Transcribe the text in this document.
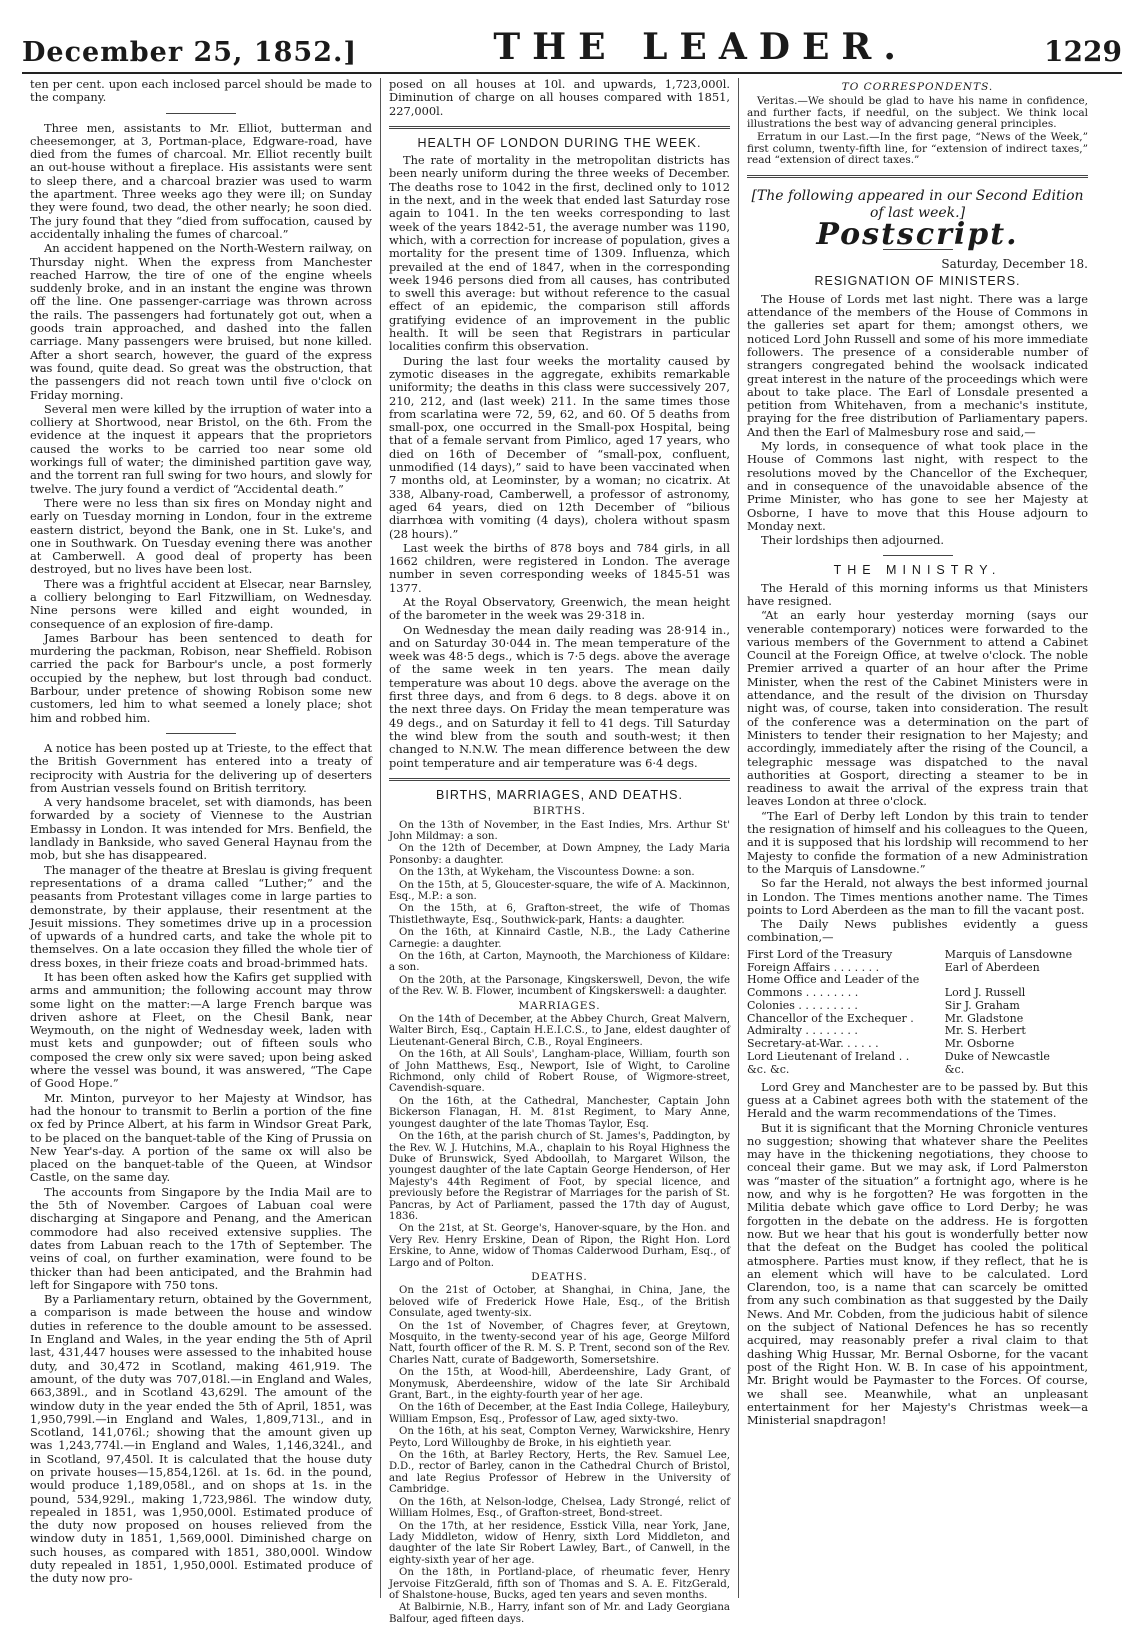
December 25, 1852.]	THE LEADER.	1229

ten per cent. upon each inclosed parcel should be made to the company.

Three men, assistants to Mr. Elliot, butterman and cheesemonger, at 3, Portman-place, Edgware-road, have died from the fumes of charcoal. Mr. Elliot recently built an out-house without a fireplace. His assistants were sent to sleep there, and a charcoal brazier was used to warm the apartment. Three weeks ago they were ill; on Sunday they were found, two dead, the other nearly; he soon died. The jury found that they “died from suffocation, caused by accidentally inhaling the fumes of charcoal.”

An accident happened on the North-Western railway, on Thursday night. When the express from Manchester reached Harrow, the tire of one of the engine wheels suddenly broke, and in an instant the engine was thrown off the line. One passenger-carriage was thrown across the rails. The passengers had fortunately got out, when a goods train approached, and dashed into the fallen carriage. Many passengers were bruised, but none killed. After a short search, however, the guard of the express was found, quite dead. So great was the obstruction, that the passengers did not reach town until five o'clock on Friday morning.

Several men were killed by the irruption of water into a colliery at Shortwood, near Bristol, on the 6th. From the evidence at the inquest it appears that the proprietors caused the works to be carried too near some old workings full of water; the diminished partition gave way, and the torrent ran full swing for two hours, and slowly for twelve. The jury found a verdict of “Accidental death.”

There were no less than six fires on Monday night and early on Tuesday morning in London, four in the extreme eastern district, beyond the Bank, one in St. Luke's, and one in Southwark. On Tuesday evening there was another at Camberwell. A good deal of property has been destroyed, but no lives have been lost.

There was a frightful accident at Elsecar, near Barnsley, a colliery belonging to Earl Fitzwilliam, on Wednesday. Nine persons were killed and eight wounded, in consequence of an explosion of fire-damp.

James Barbour has been sentenced to death for murdering the packman, Robison, near Sheffield. Robison carried the pack for Barbour's uncle, a post formerly occupied by the nephew, but lost through bad conduct. Barbour, under pretence of showing Robison some new customers, led him to what seemed a lonely place; shot him and robbed him.

A notice has been posted up at Trieste, to the effect that the British Government has entered into a treaty of reciprocity with Austria for the delivering up of deserters from Austrian vessels found on British territory.

A very handsome bracelet, set with diamonds, has been forwarded by a society of Viennese to the Austrian Embassy in London. It was intended for Mrs. Benfield, the landlady in Bankside, who saved General Haynau from the mob, but she has disappeared.

The manager of the theatre at Breslau is giving frequent representations of a drama called “Luther;” and the peasants from Protestant villages come in large parties to demonstrate, by their applause, their resentment at the Jesuit missions. They sometimes drive up in a procession of upwards of a hundred carts, and take the whole pit to themselves. On a late occasion they filled the whole tier of dress boxes, in their frieze coats and broad-brimmed hats.

It has been often asked how the Kafirs get supplied with arms and ammunition; the following account may throw some light on the matter:—A large French barque was driven ashore at Fleet, on the Chesil Bank, near Weymouth, on the night of Wednesday week, laden with must kets and gunpowder; out of fifteen souls who composed the crew only six were saved; upon being asked where the vessel was bound, it was answered, “The Cape of Good Hope.”

Mr. Minton, purveyor to her Majesty at Windsor, has had the honour to transmit to Berlin a portion of the fine ox fed by Prince Albert, at his farm in Windsor Great Park, to be placed on the banquet-table of the King of Prussia on New Year's-day. A portion of the same ox will also be placed on the banquet-table of the Queen, at Windsor Castle, on the same day.

The accounts from Singapore by the India Mail are to the 5th of November. Cargoes of Labuan coal were discharging at Singapore and Penang, and the American commodore had also received extensive supplies. The dates from Labuan reach to the 17th of September. The veins of coal, on further examination, were found to be thicker than had been anticipated, and the Brahmin had left for Singapore with 750 tons.

By a Parliamentary return, obtained by the Government, a comparison is made between the house and window duties in reference to the double amount to be assessed. In England and Wales, in the year ending the 5th of April last, 431,447 houses were assessed to the inhabited house duty, and 30,472 in Scotland, making 461,919. The amount, of the duty was 707,018l.—in England and Wales, 663,389l., and in Scotland 43,629l. The amount of the window duty in the year ended the 5th of April, 1851, was 1,950,799l.—in England and Wales, 1,809,713l., and in Scotland, 141,076l.; showing that the amount given up was 1,243,774l.—in England and Wales, 1,146,324l., and in Scotland, 97,450l. It is calculated that the house duty on private houses—15,854,126l. at 1s. 6d. in the pound, would produce 1,189,058l., and on shops at 1s. in the pound, 534,929l., making 1,723,986l. The window duty, repealed in 1851, was 1,950,000l. Estimated produce of the duty now proposed on houses relieved from the window duty in 1851, 1,569,000l. Diminished charge on such houses, as compared with 1851, 380,000l. Window duty repealed in 1851, 1,950,000l. Estimated produce of the duty now pro-

posed on all houses at 10l. and upwards, 1,723,000l. Diminution of charge on all houses compared with 1851, 227,000l.

HEALTH OF LONDON DURING THE WEEK.

The rate of mortality in the metropolitan districts has been nearly uniform during the three weeks of December. The deaths rose to 1042 in the first, declined only to 1012 in the next, and in the week that ended last Saturday rose again to 1041. In the ten weeks corresponding to last week of the years 1842-51, the average number was 1190, which, with a correction for increase of population, gives a mortality for the present time of 1309. Influenza, which prevailed at the end of 1847, when in the corresponding week 1946 persons died from all causes, has contributed to swell this average: but without reference to the casual effect of an epidemic, the comparison still affords gratifying evidence of an improvement in the public health. It will be seen that Registrars in particular localities confirm this observation.

During the last four weeks the mortality caused by zymotic diseases in the aggregate, exhibits remarkable uniformity; the deaths in this class were successively 207, 210, 212, and (last week) 211. In the same times those from scarlatina were 72, 59, 62, and 60. Of 5 deaths from small-pox, one occurred in the Small-pox Hospital, being that of a female servant from Pimlico, aged 17 years, who died on 16th of December of “small-pox, confluent, unmodified (14 days),” said to have been vaccinated when 7 months old, at Leominster, by a woman; no cicatrix. At 338, Albany-road, Camberwell, a professor of astronomy, aged 64 years, died on 12th December of “bilious diarrhœa with vomiting (4 days), cholera without spasm (28 hours).”

Last week the births of 878 boys and 784 girls, in all 1662 children, were registered in London. The average number in seven corresponding weeks of 1845-51 was 1377.

At the Royal Observatory, Greenwich, the mean height of the barometer in the week was 29·318 in.

On Wednesday the mean daily reading was 28·914 in., and on Saturday 30·044 in. The mean temperature of the week was 48·5 degs., which is 7·5 degs. above the average of the same week in ten years. The mean daily temperature was about 10 degs. above the average on the first three days, and from 6 degs. to 8 degs. above it on the next three days. On Friday the mean temperature was 49 degs., and on Saturday it fell to 41 degs. Till Saturday the wind blew from the south and south-west; it then changed to N.N.W. The mean difference between the dew point temperature and air temperature was 6·4 degs.

BIRTHS, MARRIAGES, AND DEATHS.
BIRTHS.

On the 13th of November, in the East Indies, Mrs. Arthur St' John Mildmay: a son.

On the 12th of December, at Down Ampney, the Lady Maria Ponsonby: a daughter.

On the 13th, at Wykeham, the Viscountess Downe: a son.

On the 15th, at 5, Gloucester-square, the wife of A. Mackinnon, Esq., M.P.: a son.

On the 15th, at 6, Grafton-street, the wife of Thomas Thistlethwayte, Esq., Southwick-park, Hants: a daughter.

On the 16th, at Kinnaird Castle, N.B., the Lady Catherine Carnegie: a daughter.

On the 16th, at Carton, Maynooth, the Marchioness of Kildare: a son.

On the 20th, at the Parsonage, Kingskerswell, Devon, the wife of the Rev. W. B. Flower, incumbent of Kingskerswell: a daughter.

MARRIAGES.

On the 14th of December, at the Abbey Church, Great Malvern, Walter Birch, Esq., Captain H.E.I.C.S., to Jane, eldest daughter of Lieutenant-General Birch, C.B., Royal Engineers.

On the 16th, at All Souls', Langham-place, William, fourth son of John Matthews, Esq., Newport, Isle of Wight, to Caroline Richmond, only child of Robert Rouse, of Wigmore-street, Cavendish-square.

On the 16th, at the Cathedral, Manchester, Captain John Bickerson Flanagan, H. M. 81st Regiment, to Mary Anne, youngest daughter of the late Thomas Taylor, Esq.

On the 16th, at the parish church of St. James's, Paddington, by the Rev. W. J. Hutchins, M.A., chaplain to his Royal Highness the Duke of Brunswick, Syed Abdoollah, to Margaret Wilson, the youngest daughter of the late Captain George Henderson, of Her Majesty's 44th Regiment of Foot, by special licence, and previously before the Registrar of Marriages for the parish of St. Pancras, by Act of Parliament, passed the 17th day of August, 1836.

On the 21st, at St. George's, Hanover-square, by the Hon. and Very Rev. Henry Erskine, Dean of Ripon, the Right Hon. Lord Erskine, to Anne, widow of Thomas Calderwood Durham, Esq., of Largo and of Polton.

DEATHS.

On the 21st of October, at Shanghai, in China, Jane, the beloved wife of Frederick Howe Hale, Esq., of the British Consulate, aged twenty-six.

On the 1st of November, of Chagres fever, at Greytown, Mosquito, in the twenty-second year of his age, George Milford Natt, fourth officer of the R. M. S. P. Trent, second son of the Rev. Charles Natt, curate of Badgeworth, Somersetshire.

On the 15th, at Wood-hill, Aberdeenshire, Lady Grant, of Monymusk, Aberdeenshire, widow of the late Sir Archibald Grant, Bart., in the eighty-fourth year of her age.

On the 16th of December, at the East India College, Haileybury, William Empson, Esq., Professor of Law, aged sixty-two.

On the 16th, at his seat, Compton Verney, Warwickshire, Henry Peyto, Lord Willoughby de Broke, in his eightieth year.

On the 16th, at Barley Rectory, Herts, the Rev. Samuel Lee, D.D., rector of Barley, canon in the Cathedral Church of Bristol, and late Regius Professor of Hebrew in the University of Cambridge.

On the 16th, at Nelson-lodge, Chelsea, Lady Strongé, relict of William Holmes, Esq., of Grafton-street, Bond-street.

On the 17th, at her residence, Esstick Villa, near York, Jane, Lady Middleton, widow of Henry, sixth Lord Middleton, and daughter of the late Sir Robert Lawley, Bart., of Canwell, in the eighty-sixth year of her age.

On the 18th, in Portland-place, of rheumatic fever, Henry Jervoise FitzGerald, fifth son of Thomas and S. A. E. FitzGerald, of Shalstone-house, Bucks, aged ten years and seven months.

At Balbirnie, N.B., Harry, infant son of Mr. and Lady Georgiana Balfour, aged fifteen days.

TO CORRESPONDENTS.

Veritas.—We should be glad to have his name in confidence, and further facts, if needful, on the subject. We think local illustrations the best way of advancing general principles.

Erratum in our Last.—In the first page, “News of the Week,” first column, twenty-fifth line, for “extension of indirect taxes,” read “extension of direct taxes.”

[The following appeared in our Second Edition of last week.]
Postscript.
Saturday, December 18.
RESIGNATION OF MINISTERS.

The House of Lords met last night. There was a large attendance of the members of the House of Commons in the galleries set apart for them; amongst others, we noticed Lord John Russell and some of his more immediate followers. The presence of a considerable number of strangers congregated behind the woolsack indicated great interest in the nature of the proceedings which were about to take place. The Earl of Lonsdale presented a petition from Whitehaven, from a mechanic's institute, praying for the free distribution of Parliamentary papers. And then the Earl of Malmesbury rose and said,—

My lords, in consequence of what took place in the House of Commons last night, with respect to the resolutions moved by the Chancellor of the Exchequer, and in consequence of the unavoidable absence of the Prime Minister, who has gone to see her Majesty at Osborne, I have to move that this House adjourn to Monday next.

Their lordships then adjourned.

THE MINISTRY.

The Herald of this morning informs us that Ministers have resigned.

“At an early hour yesterday morning (says our venerable contemporary) notices were forwarded to the various members of the Government to attend a Cabinet Council at the Foreign Office, at twelve o'clock. The noble Premier arrived a quarter of an hour after the Prime Minister, when the rest of the Cabinet Ministers were in attendance, and the result of the division on Thursday night was, of course, taken into consideration. The result of the conference was a determination on the part of Ministers to tender their resignation to her Majesty; and accordingly, immediately after the rising of the Council, a telegraphic message was dispatched to the naval authorities at Gosport, directing a steamer to be in readiness to await the arrival of the express train that leaves London at three o'clock.

“The Earl of Derby left London by this train to tender the resignation of himself and his colleagues to the Queen, and it is supposed that his lordship will recommend to her Majesty to confide the formation of a new Administration to the Marquis of Lansdowne.”

So far the Herald, not always the best informed journal in London. The Times mentions another name. The Times points to Lord Aberdeen as the man to fill the vacant post.

The Daily News publishes evidently a guess combination,—

First Lord of the Treasury	Marquis of Lansdowne
Foreign Affairs . . . . . . .	Earl of Aberdeen
Home Office and Leader of the	
Commons . . . . . . . .	Lord J. Russell
Colonies . . . . . . . . .	Sir J. Graham
Chancellor of the Exchequer .	Mr. Gladstone
Admiralty . . . . . . . .	Mr. S. Herbert
Secretary-at-War. . . . . .	Mr. Osborne
Lord Lieutenant of Ireland . .	Duke of Newcastle
&c. &c.	&c.

Lord Grey and Manchester are to be passed by. But this guess at a Cabinet agrees both with the statement of the Herald and the warm recommendations of the Times.

But it is significant that the Morning Chronicle ventures no suggestion; showing that whatever share the Peelites may have in the thickening negotiations, they choose to conceal their game. But we may ask, if Lord Palmerston was “master of the situation” a fortnight ago, where is he now, and why is he forgotten? He was forgotten in the Militia debate which gave office to Lord Derby; he was forgotten in the debate on the address. He is forgotten now. But we hear that his gout is wonderfully better now that the defeat on the Budget has cooled the political atmosphere. Parties must know, if they reflect, that he is an element which will have to be calculated. Lord Clarendon, too, is a name that can scarcely be omitted from any such combination as that suggested by the Daily News. And Mr. Cobden, from the judicious habit of silence on the subject of National Defences he has so recently acquired, may reasonably prefer a rival claim to that dashing Whig Hussar, Mr. Bernal Osborne, for the vacant post of the Right Hon. W. B. In case of his appointment, Mr. Bright would be Paymaster to the Forces. Of course, we shall see. Meanwhile, what an unpleasant entertainment for her Majesty's Christmas week—a Ministerial snapdragon!
